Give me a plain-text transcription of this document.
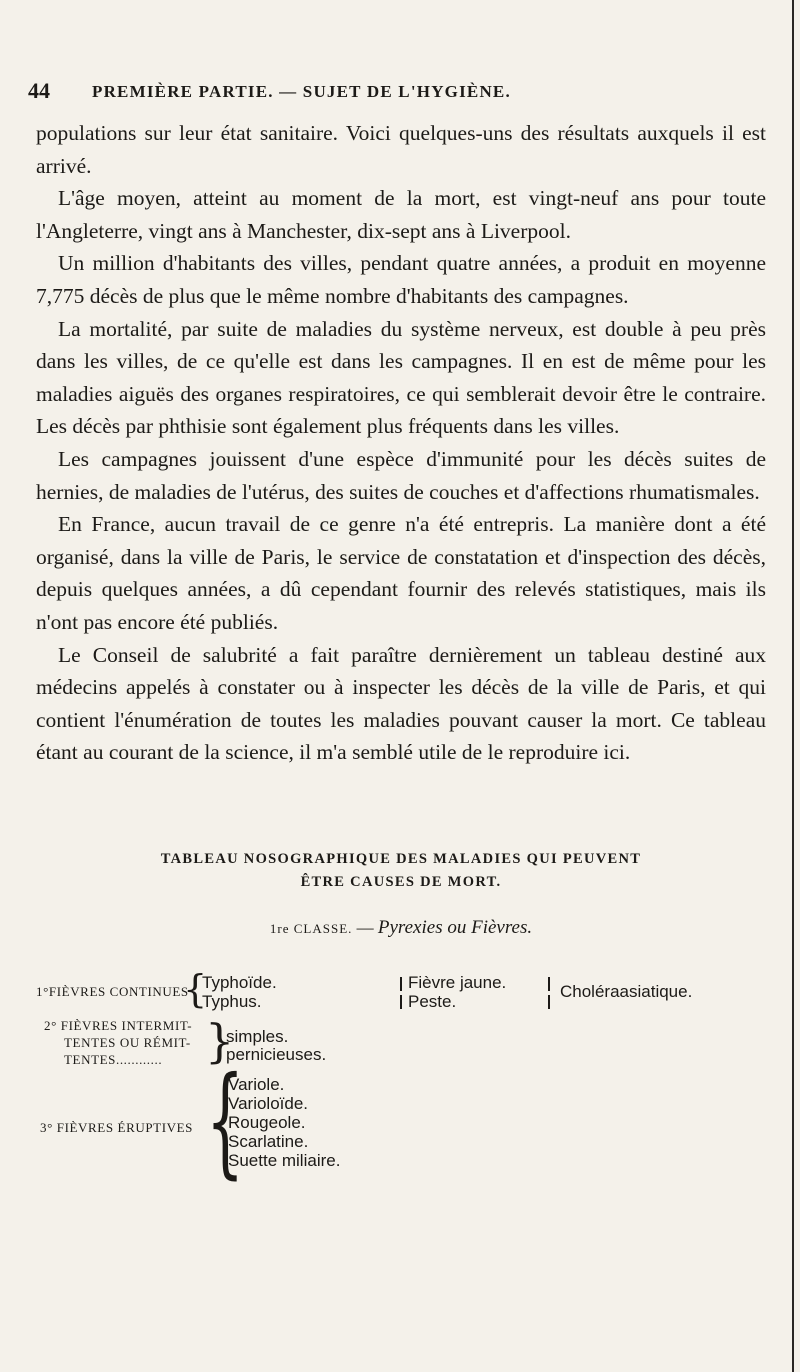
44 PREMIÈRE PARTIE. — SUJET DE L'HYGIÈNE.

populations sur leur état sanitaire. Voici quelques-uns des résultats auxquels il est arrivé.

L'âge moyen, atteint au moment de la mort, est vingt-neuf ans pour toute l'Angleterre, vingt ans à Manchester, dix-sept ans à Liverpool.

Un million d'habitants des villes, pendant quatre années, a produit en moyenne 7,775 décès de plus que le même nombre d'habitants des campagnes.

La mortalité, par suite de maladies du système nerveux, est double à peu près dans les villes, de ce qu'elle est dans les campagnes. Il en est de même pour les maladies aiguës des organes respiratoires, ce qui semblerait devoir être le contraire. Les décès par phthisie sont également plus fréquents dans les villes.

Les campagnes jouissent d'une espèce d'immunité pour les décès suites de hernies, de maladies de l'utérus, des suites de couches et d'affections rhumatismales.

En France, aucun travail de ce genre n'a été entrepris. La manière dont a été organisé, dans la ville de Paris, le service de constatation et d'inspection des décès, depuis quelques années, a dû cependant fournir des relevés statistiques, mais ils n'ont pas encore été publiés.

Le Conseil de salubrité a fait paraître dernièrement un tableau destiné aux médecins appelés à constater ou à inspecter les décès de la ville de Paris, et qui contient l'énumération de toutes les maladies pouvant causer la mort. Ce tableau étant au courant de la science, il m'a semblé utile de le reproduire ici.

TABLEAU NOSOGRAPHIQUE DES MALADIES QUI PEUVENT
ÊTRE CAUSES DE MORT.
1re CLASSE. — Pyrexies ou Fièvres.
1°FIÈVRES CONTINUES
{
Typhoïde.
Typhus.
Fièvre jaune.
Peste.
Choléraasiatique.
2° FIÈVRES INTERMIT-
TENTES OU RÉMIT-
TENTES............ }
simples.
pernicieuses.
3° FIÈVRES ÉRUPTIVES {
Variole.
Varioloïde.
Rougeole.
Scarlatine.
Suette miliaire.
